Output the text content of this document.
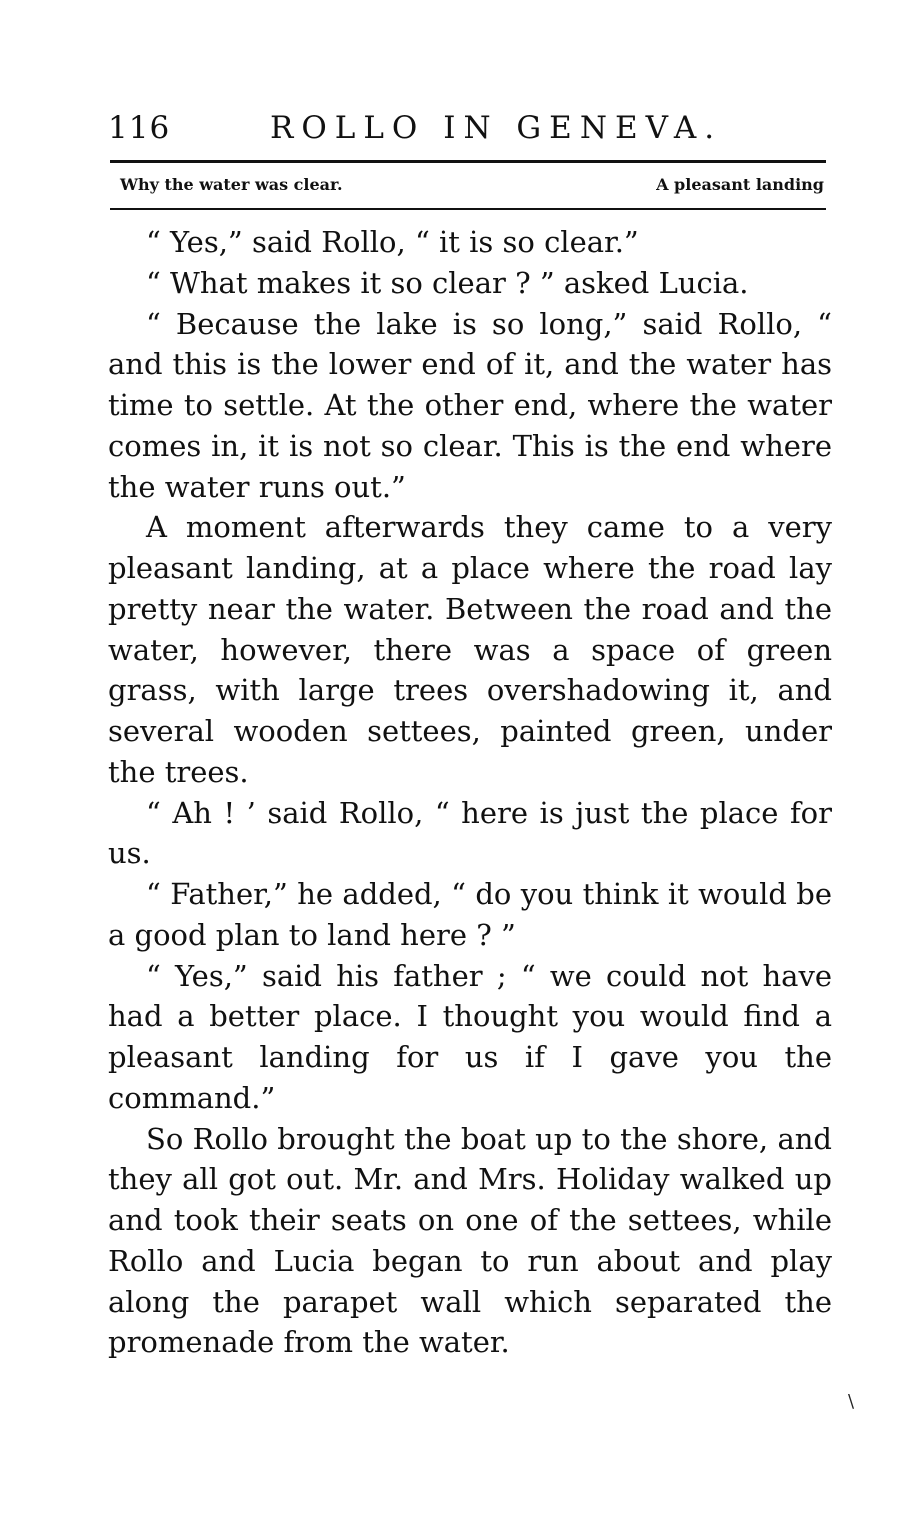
116	ROLLO IN GENEVA.
Why the water was clear.	A pleasant landing

“ Yes,” said Rollo, “ it is so clear.”

“ What makes it so clear ? ” asked Lucia.

“ Because the lake is so long,” said Rollo, “ and this is the lower end of it, and the water has time to settle. At the other end, where the water comes in, it is not so clear. This is the end where the water runs out.”

A moment afterwards they came to a very pleasant landing, at a place where the road lay pretty near the water. Between the road and the water, however, there was a space of green grass, with large trees overshadowing it, and several wooden settees, painted green, under the trees.

“ Ah ! ’ said Rollo, “ here is just the place for us.

“ Father,” he added, “ do you think it would be a good plan to land here ? ”

“ Yes,” said his father ; “ we could not have had a better place. I thought you would find a pleasant landing for us if I gave you the command.”

So Rollo brought the boat up to the shore, and they all got out. Mr. and Mrs. Holiday walked up and took their seats on one of the settees, while Rollo and Lucia began to run about and play along the parapet wall which separated the promenade from the water.

\
